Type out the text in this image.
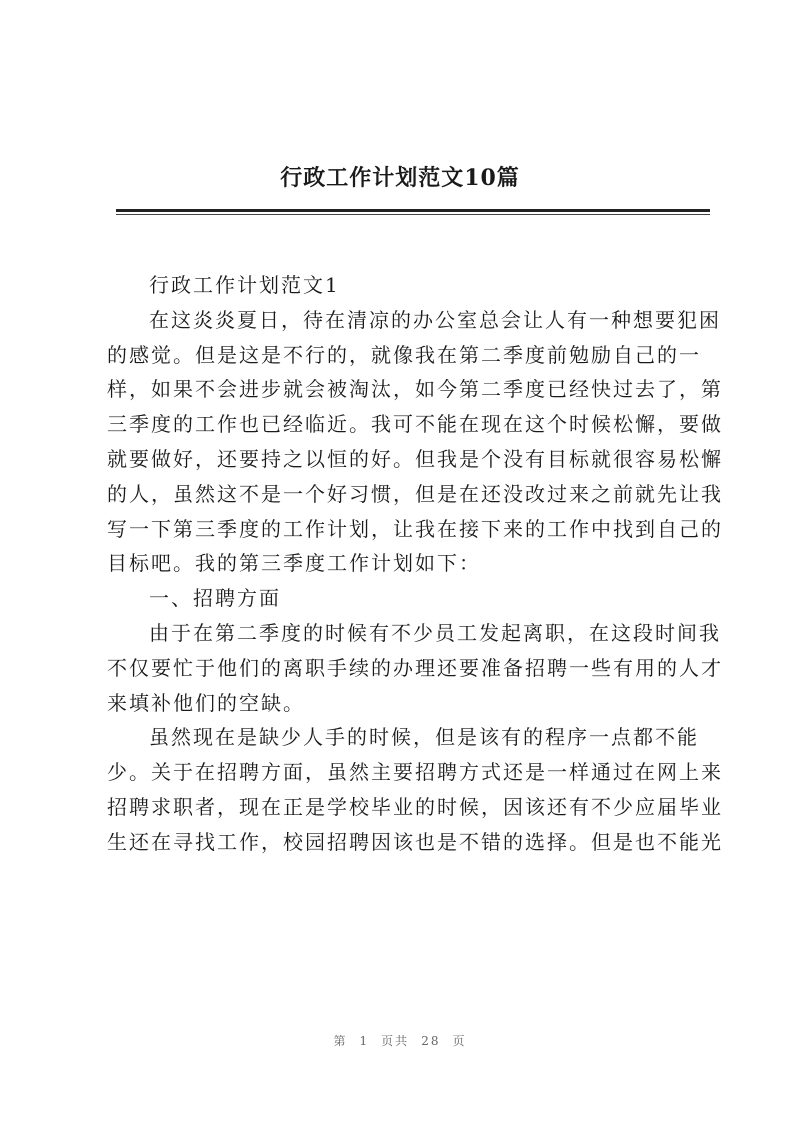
行政工作计划范文10篇
行政工作计划范文1
在这炎炎夏日，待在清凉的办公室总会让人有一种想要犯困
的感觉。但是这是不行的，就像我在第二季度前勉励自己的一
样，如果不会进步就会被淘汰，如今第二季度已经快过去了，第
三季度的工作也已经临近。我可不能在现在这个时候松懈，要做
就要做好，还要持之以恒的好。但我是个没有目标就很容易松懈
的人，虽然这不是一个好习惯，但是在还没改过来之前就先让我
写一下第三季度的工作计划，让我在接下来的工作中找到自己的
目标吧。我的第三季度工作计划如下：
一、招聘方面
由于在第二季度的时候有不少员工发起离职，在这段时间我
不仅要忙于他们的离职手续的办理还要准备招聘一些有用的人才
来填补他们的空缺。
虽然现在是缺少人手的时候，但是该有的程序一点都不能
少。关于在招聘方面，虽然主要招聘方式还是一样通过在网上来
招聘求职者，现在正是学校毕业的时候，因该还有不少应届毕业
生还在寻找工作，校园招聘因该也是不错的选择。但是也不能光
第 1 页共 28 页
